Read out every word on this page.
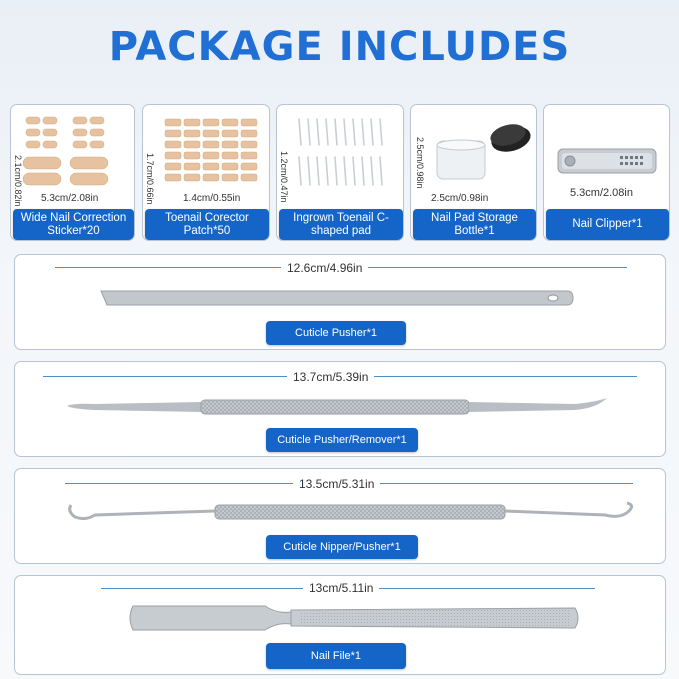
PACKAGE INCLUDES
2.1cm/0.82in 5.3cm/2.08in
Wide Nail Correction Sticker*20
1.7cm/0.66in	1.4cm/0.55in
Toenail Corector Patch*50
1.2cm/0.47in
Ingrown Toenail C-shaped pad
2.5cm/0.98in
2.5cm/0.98in
Nail Pad Storage Bottle*1
5.3cm/2.08in
Nail Clipper*1
12.6cm/4.96in
Cuticle Pusher*1
13.7cm/5.39in
Cuticle Pusher/Remover*1
13.5cm/5.31in
Cuticle Nipper/Pusher*1
13cm/5.11in
Nail File*1
